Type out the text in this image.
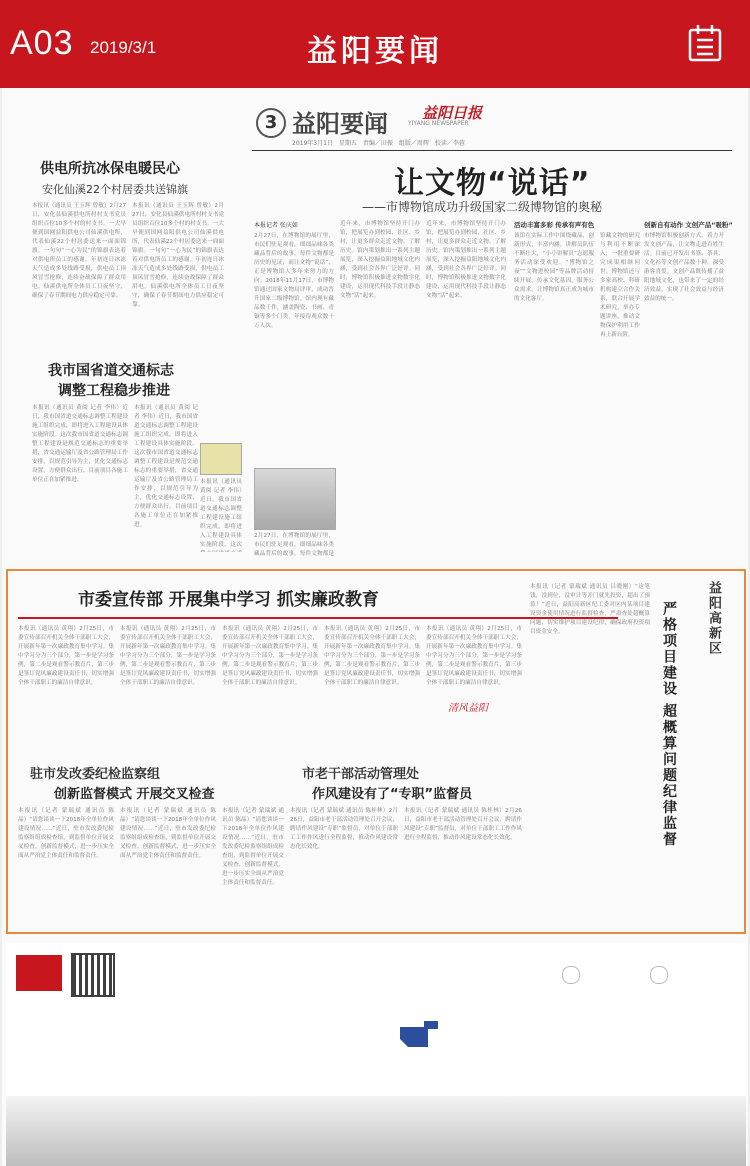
A03 2019/3/1	益阳要闻
3 益阳要闻	YIYANG NEWSPAPER
益阳日报
2019年3月1日　星期五　责编／田振　组版／周辉　校读／李蓉
供电所抗冰保电暖民心
安化仙溪22个村居委共送锦旗
本报讯（通讯员 王玉辉 曾敏）2月27日，安化县仙溪供电所村村支书党员组织百位10多个村的村支书。一大早便到国网益阳供电公司仙溪供电所，代表仙溪22个村居委送来一面面锦旗。一句句“一心为民”的锦旗表达着对供电所员工的感谢。年初连日冰冻天气造成多处线路受损，供电员工顶风冒雪抢修，连续奋战保障了群众用电。仙溪供电所全体员工日夜坚守，确保了春节期间电力供应稳定可靠。
本报讯（通讯员 王玉辉 曾敏）2月27日，安化县仙溪供电所村村支书党员组织百位10多个村的村支书。一大早便到国网益阳供电公司仙溪供电所，代表仙溪22个村居委送来一面面锦旗。一句句“一心为民”的锦旗表达着对供电所员工的感谢。年初连日冰冻天气造成多处线路受损，供电员工顶风冒雪抢修，连续奋战保障了群众用电。仙溪供电所全体员工日夜坚守，确保了春节期间电力供应稳定可靠。
我市国省道交通标志
调整工程稳步推进
本报讯（通讯员 黄阅 记者 李伟）近日，我市国省道交通标志调整工程建设施工组织完成，即将进入工程建设具体实施阶段。这次我市国省道交通标志调整工程建设是规范交通标志的重要举措，省交通运输厅及省公路管理局工作安排，以规范引导为主，优化交通标志设置，方便群众出行。目前项目各施工单位正在加紧推进。
本报讯（通讯员 黄阅 记者 李伟）近日，我市国省道交通标志调整工程建设施工组织完成，即将进入工程建设具体实施阶段。这次我市国省道交通标志调整工程建设是规范交通标志的重要举措，省交通运输厅及省公路管理局工作安排，以规范引导为主，优化交通标志设置，方便群众出行。目前项目各施工单位正在加紧推进。
本报讯（通讯员 黄阅 记者 李伟）近日，我市国省道交通标志调整工程建设施工组织完成，即将进入工程建设具体实施阶段。这次
让文物“说话”
——市博物馆成功升级国家二级博物馆的奥秘
本报记者 张庆如
2月27日，在博物馆的展厅里，市民们驻足观看，细细品味各类藏品背后的故事。每件文物都是历史的见证，而让文物“说话”，正是博物馆人多年来努力的方向。2018年11月17日，市博物馆通过国家文物局评审，成功晋升国家二级博物馆。馆内现有藏品数千件，涵盖陶瓷、书画、青铜等多个门类，年接待观众数十万人次。
2月27日，在博物馆的展厅里，市民们驻足观看，细细品味各类藏品背后的故事。每件文物都是
近年来，市博物馆坚持开门办馆，把展览办到校园、社区、乡村，让更多群众走近文物、了解历史。馆内策划推出一系列主题展览，深入挖掘益阳地域文化内涵，受到社会各界广泛好评。同时，博物馆积极推进文物数字化建设，运用现代科技手段让静态文物“活”起来。
近年来，市博物馆坚持开门办馆，把展览办到校园、社区、乡村，让更多群众走近文物、了解历史。馆内策划推出一系列主题展览，深入挖掘益阳地域文化内涵，受到社会各界广泛好评。同时，博物馆积极推进文物数字化建设，运用现代科技手段让静态文物“活”起来。
活动丰富多彩 传承有声有色
该馆在实际工作中围绕藏品，创新形式，丰富内涵。讲解员队伍不断壮大，“小小讲解员”志愿服务活动深受欢迎，“博物馆之夜”“文物进校园”等品牌活动持续开展，传承文化基因，服务公众需求，让博物馆真正成为城市的文化客厅。
馆藏文物的研究与利用不断深入，一批重要研究成果相继问世。博物馆还与多家高校、科研机构建立合作关系，联合开展学术研究，举办专题讲座，推动文物保护利用工作再上新台阶。
创新自有动作 文创产品“吸粉”
市博物馆积极创新方式，着力开发文创产品，让文物走进百姓生活。目前已开发出书签、茶具、文化衫等文创产品数十种，深受游客喜爱。文创产品既传播了益阳地域文化，也带来了一定的经济效益，实现了社会效益与经济效益的统一。
市委宣传部 开展集中学习 抓实廉政教育
本报讯（通讯员 黄翔）2月25日，市委宣传部召开机关全体干部职工大会，开展新年第一次廉政教育集中学习。集中学习分为三个部分，第一步是学习条例，第二步是观看警示教育片，第三步是签订党风廉政建设责任书，切实增强全体干部职工的廉洁自律意识。
本报讯（通讯员 黄翔）2月25日，市委宣传部召开机关全体干部职工大会，开展新年第一次廉政教育集中学习。集中学习分为三个部分，第一步是学习条例，第二步是观看警示教育片，第三步是签订党风廉政建设责任书，切实增强全体干部职工的廉洁自律意识。
本报讯（通讯员 黄翔）2月25日，市委宣传部召开机关全体干部职工大会，开展新年第一次廉政教育集中学习。集中学习分为三个部分，第一步是学习条例，第二步是观看警示教育片，第三步是签订党风廉政建设责任书，切实增强全体干部职工的廉洁自律意识。
本报讯（通讯员 黄翔）2月25日，市委宣传部召开机关全体干部职工大会，开展新年第一次廉政教育集中学习。集中学习分为三个部分，第一步是学习条例，第二步是观看警示教育片，第三步是签订党风廉政建设责任书，切实增强全体干部职工的廉洁自律意识。
清风益阳
本报讯（通讯员 黄翔）2月25日，市委宣传部召开机关全体干部职工大会，开展新年第一次廉政教育集中学习。集中学习分为三个部分，第一步是学习条例，第二步是观看警示教育片，第三步是签订党风廉政建设责任书，切实增强全体干部职工的廉洁自律意识。
驻市发改委纪检监察组
创新监督模式 开展交叉检查
本报讯（记者 蒙瑞斌 通讯员 陈晶）“请您谈谈一下2018年全单位作风建设情况……”近日，驻市发改委纪检监察组组成检查组，到监督单位开展交叉检查，创新监督模式，进一步压实全面从严治党主体责任和监督责任。
本报讯（记者 蒙瑞斌 通讯员 陈晶）“请您谈谈一下2018年全单位作风建设情况……”近日，驻市发改委纪检监察组组成检查组，到监督单位开展交叉检查，创新监督模式，进一步压实全面从严治党主体责任和监督责任。
本报讯（记者 蒙瑞斌 通讯员 陈晶）“请您谈谈一下2018年全单位作风建设情况……”近日，驻市发改委纪检监察组组成检查组，到监督单位开展交叉检查，创新监督模式，进一步压实全面从严治党主体责任和监督责任。
市老干部活动管理处
作风建设有了“专职”监督员
本报讯（记者 蒙瑞斌 通讯员 陈桂林）2月26日，益阳市老干部活动管理处召开会议，聘请作风建设“专职”监督员，对单位干部职工工作作风进行全程监督，推动作风建设常态化长效化。
本报讯（记者 蒙瑞斌 通讯员 陈桂林）2月26日，益阳市老干部活动管理处召开会议，聘请作风建设“专职”监督员，对单位干部职工工作作风进行全程监督，推动作风建设常态化长效化。
益阳高新区
严格项目建设 超概算问题纪律监督
本报讯（记者 蒙瑞斌 通讯员 吕晓刚）“这笔钱，没到位，没审计等开门就先投资，超出了预算！”近日，益阳高新区纪工委对区内某项目建设资金使用情况进行监督检查，严肃查处超概算问题，切实维护项目建设纪律，确保政府投资项目资金安全。
